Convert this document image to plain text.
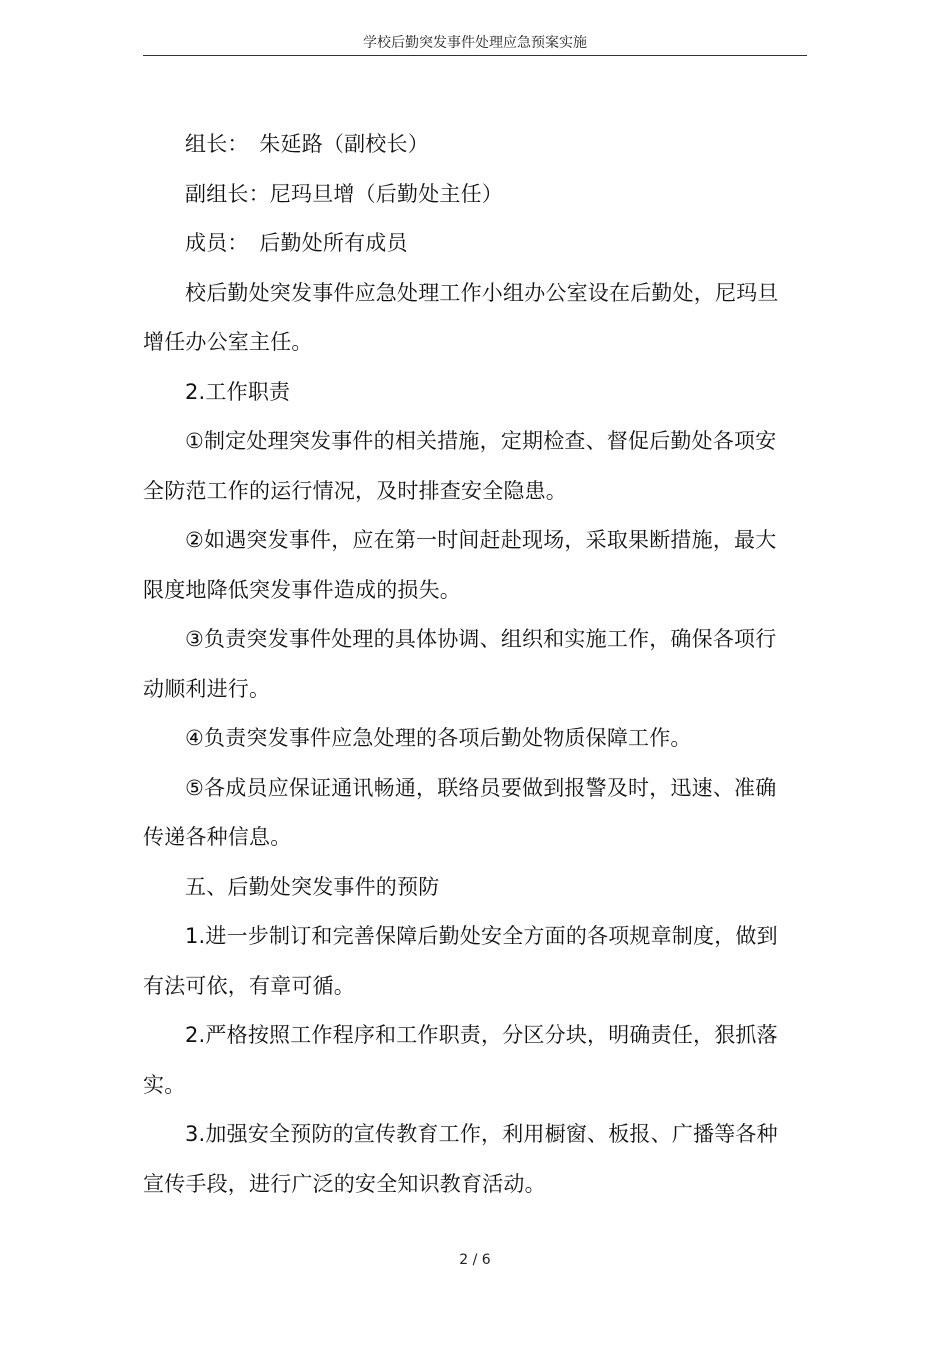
学校后勤突发事件处理应急预案实施

组长：　朱延路（副校长）

副组长：尼玛旦增（后勤处主任）

成员：　后勤处所有成员

校后勤处突发事件应急处理工作小组办公室设在后勤处，尼玛旦增任办公室主任。

2.工作职责

①制定处理突发事件的相关措施，定期检查、督促后勤处各项安全防范工作的运行情况，及时排查安全隐患。

②如遇突发事件，应在第一时间赶赴现场，采取果断措施，最大限度地降低突发事件造成的损失。

③负责突发事件处理的具体协调、组织和实施工作，确保各项行动顺利进行。

④负责突发事件应急处理的各项后勤处物质保障工作。

⑤各成员应保证通讯畅通，联络员要做到报警及时，迅速、准确传递各种信息。

五、后勤处突发事件的预防

1.进一步制订和完善保障后勤处安全方面的各项规章制度，做到有法可依，有章可循。

2.严格按照工作程序和工作职责，分区分块，明确责任，狠抓落实。

3.加强安全预防的宣传教育工作，利用橱窗、板报、广播等各种宣传手段，进行广泛的安全知识教育活动。

2 / 6
